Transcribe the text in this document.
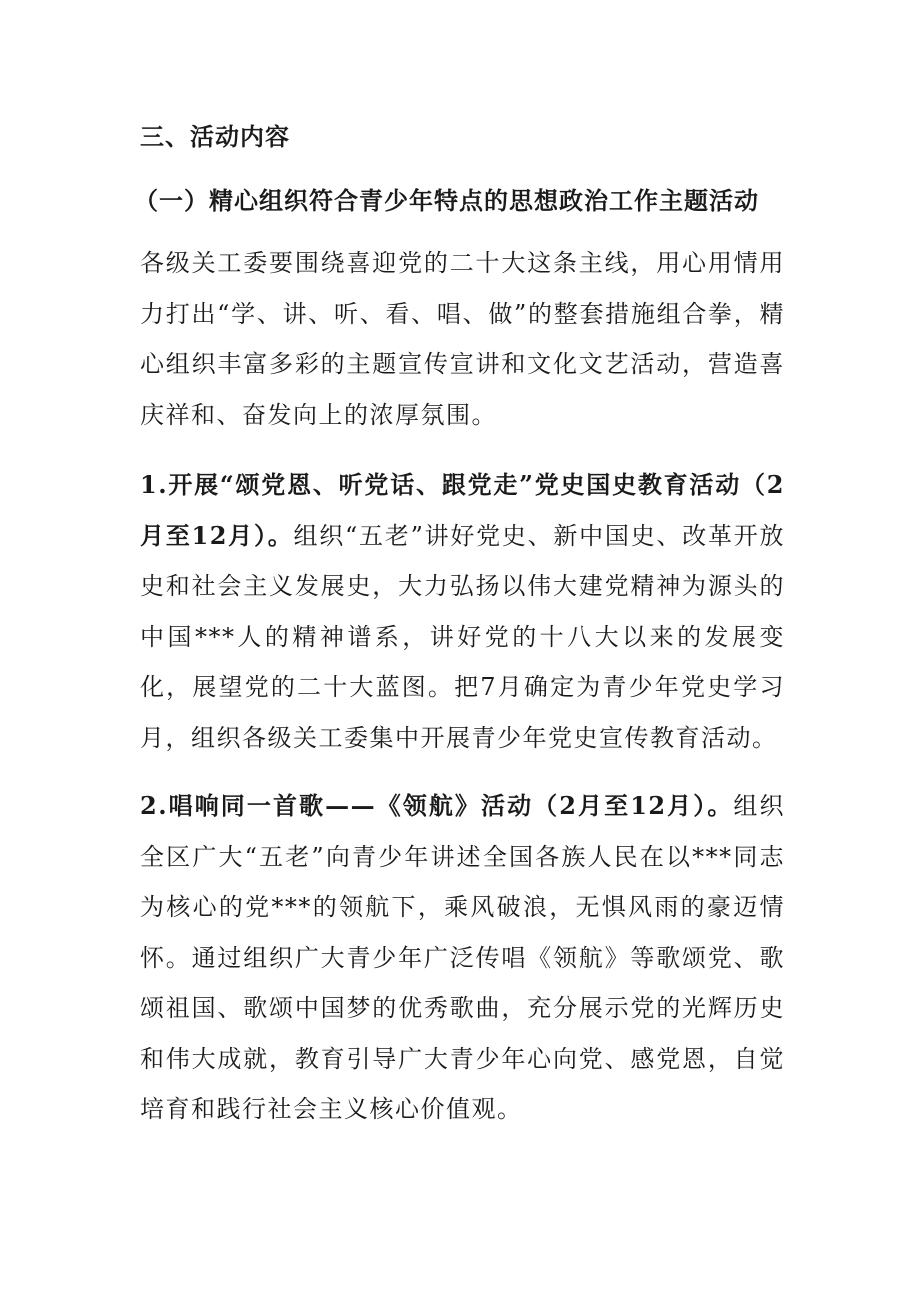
三、活动内容
（一）精心组织符合青少年特点的思想政治工作主题活动

各级关工委要围绕喜迎党的二十大这条主线，用心用情用力打出“学、讲、听、看、唱、做”的整套措施组合拳，精心组织丰富多彩的主题宣传宣讲和文化文艺活动，营造喜庆祥和、奋发向上的浓厚氛围。

1.开展“颂党恩、听党话、跟党走”党史国史教育活动（2月至12月）。组织“五老”讲好党史、新中国史、改革开放史和社会主义发展史，大力弘扬以伟大建党精神为源头的中国***人的精神谱系，讲好党的十八大以来的发展变化，展望党的二十大蓝图。把7月确定为青少年党史学习月，组织各级关工委集中开展青少年党史宣传教育活动。

2.唱响同一首歌——《领航》活动（2月至12月）。组织全区广大“五老”向青少年讲述全国各族人民在以***同志为核心的党***的领航下，乘风破浪，无惧风雨的豪迈情怀。通过组织广大青少年广泛传唱《领航》等歌颂党、歌颂祖国、歌颂中国梦的优秀歌曲，充分展示党的光辉历史和伟大成就，教育引导广大青少年心向党、感党恩，自觉培育和践行社会主义核心价值观。
